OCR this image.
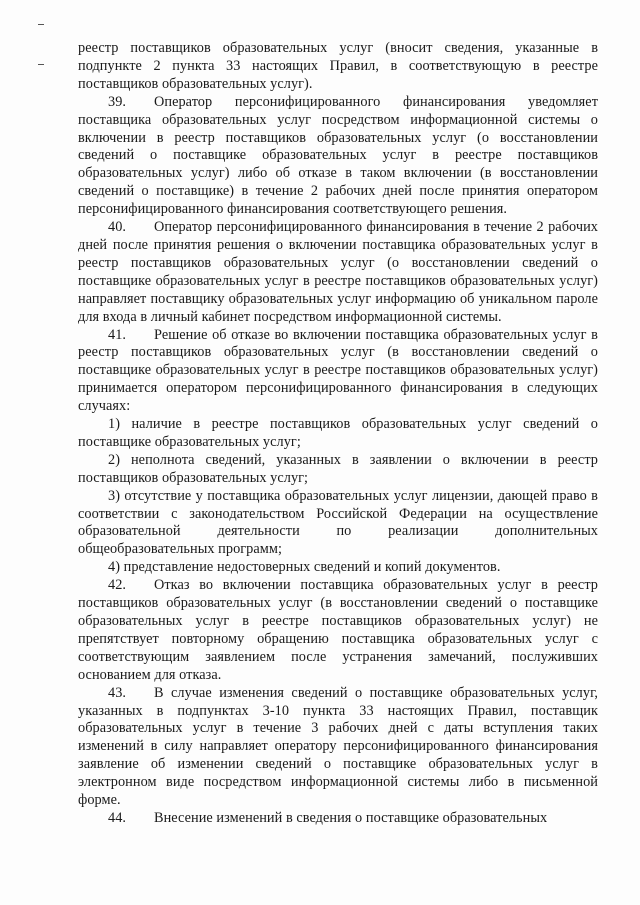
реестр поставщиков образовательных услуг (вносит сведения, указанные в подпункте 2 пункта 33 настоящих Правил, в соответствующую в реестре поставщиков образовательных услуг).

39. Оператор персонифицированного финансирования уведомляет поставщика образовательных услуг посредством информационной системы о включении в реестр поставщиков образовательных услуг (о восстановлении сведений о поставщике образовательных услуг в реестре поставщиков образовательных услуг) либо об отказе в таком включении (в восстановлении сведений о поставщике) в течение 2 рабочих дней после принятия оператором персонифицированного финансирования соответствующего решения.

40. Оператор персонифицированного финансирования в течение 2 рабочих дней после принятия решения о включении поставщика образовательных услуг в реестр поставщиков образовательных услуг (о восстановлении сведений о поставщике образовательных услуг в реестре поставщиков образовательных услуг) направляет поставщику образовательных услуг информацию об уникальном пароле для входа в личный кабинет посредством информационной системы.

41. Решение об отказе во включении поставщика образовательных услуг в реестр поставщиков образовательных услуг (в восстановлении сведений о поставщике образовательных услуг в реестре поставщиков образовательных услуг) принимается оператором персонифицированного финансирования в следующих случаях:

1) наличие в реестре поставщиков образовательных услуг сведений о поставщике образовательных услуг;

2) неполнота сведений, указанных в заявлении о включении в реестр поставщиков образовательных услуг;

3) отсутствие у поставщика образовательных услуг лицензии, дающей право в соответствии с законодательством Российской Федерации на осуществление образовательной деятельности по реализации дополнительных общеобразовательных программ;

4) представление недостоверных сведений и копий документов.

42. Отказ во включении поставщика образовательных услуг в реестр поставщиков образовательных услуг (в восстановлении сведений о поставщике образовательных услуг в реестре поставщиков образовательных услуг) не препятствует повторному обращению поставщика образовательных услуг с соответствующим заявлением после устранения замечаний, послуживших основанием для отказа.

43. В случае изменения сведений о поставщике образовательных услуг, указанных в подпунктах 3-10 пункта 33 настоящих Правил, поставщик образовательных услуг в течение 3 рабочих дней с даты вступления таких изменений в силу направляет оператору персонифицированного финансирования заявление об изменении сведений о поставщике образовательных услуг в электронном виде посредством информационной системы либо в письменной форме.

44. Внесение изменений в сведения о поставщике образовательных
